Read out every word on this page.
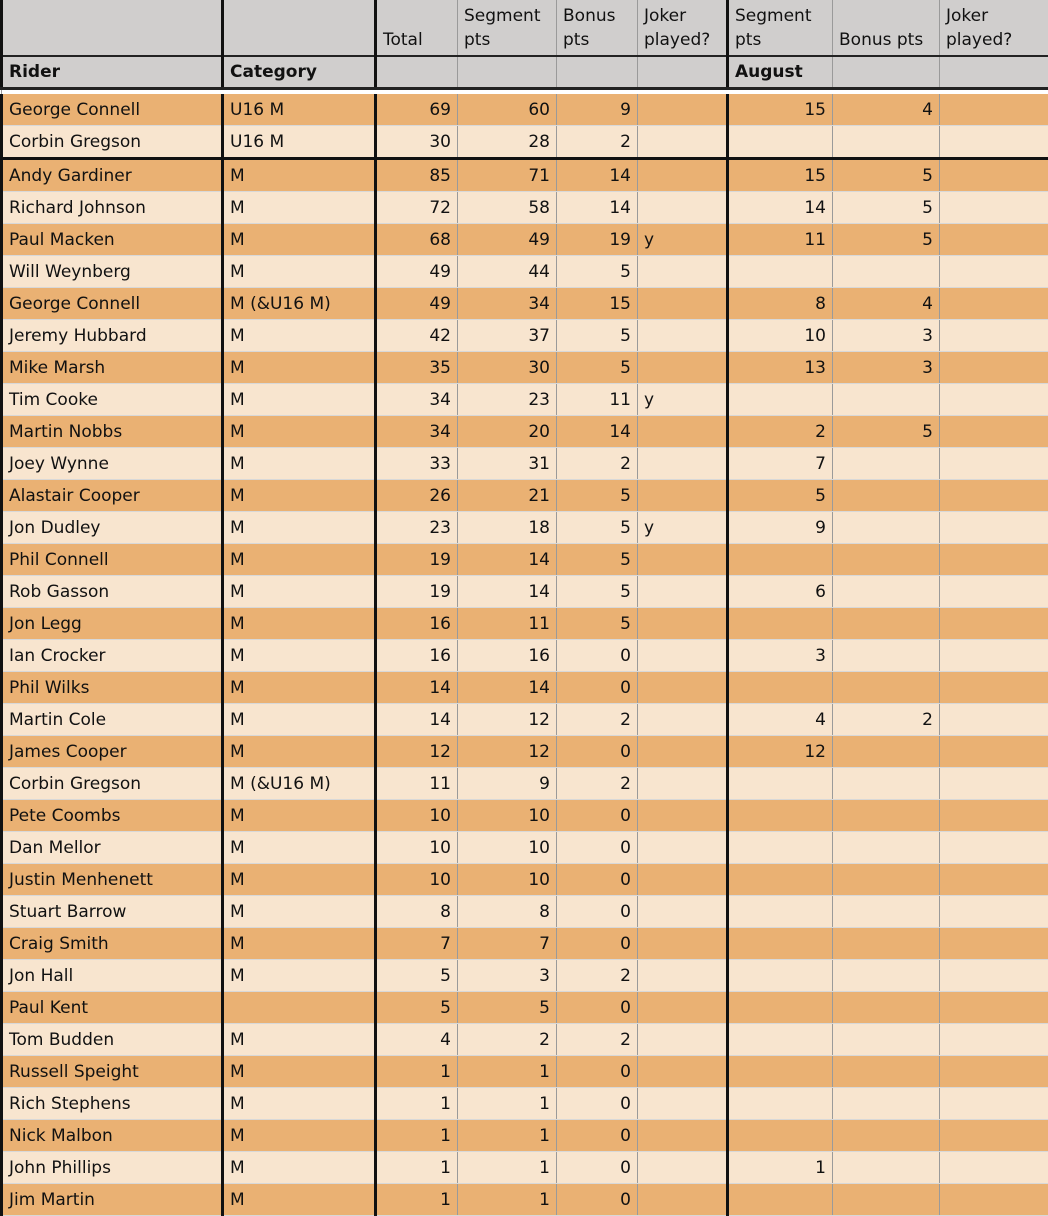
		Total	Segment pts	Bonus pts	Joker played?	Segment pts	Bonus pts	Joker played?
Rider	Category					August		

George Connell	U16 M	69	60	9		15	4	
Corbin Gregson	U16 M	30	28	2				
Andy Gardiner	M	85	71	14		15	5	
Richard Johnson	M	72	58	14		14	5	
Paul Macken	M	68	49	19	y	11	5	
Will Weynberg	M	49	44	5				
George Connell	M (&U16 M)	49	34	15		8	4	
Jeremy Hubbard	M	42	37	5		10	3	
Mike Marsh	M	35	30	5		13	3	
Tim Cooke	M	34	23	11	y			
Martin Nobbs	M	34	20	14		2	5	
Joey Wynne	M	33	31	2		7		
Alastair Cooper	M	26	21	5		5		
Jon Dudley	M	23	18	5	y	9		
Phil Connell	M	19	14	5				
Rob Gasson	M	19	14	5		6		
Jon Legg	M	16	11	5				
Ian Crocker	M	16	16	0		3		
Phil Wilks	M	14	14	0				
Martin Cole	M	14	12	2		4	2	
James Cooper	M	12	12	0		12		
Corbin Gregson	M (&U16 M)	11	9	2				
Pete Coombs	M	10	10	0				
Dan Mellor	M	10	10	0				
Justin Menhenett	M	10	10	0				
Stuart Barrow	M	8	8	0				
Craig Smith	M	7	7	0				
Jon Hall	M	5	3	2				
Paul Kent		5	5	0				
Tom Budden	M	4	2	2				
Russell Speight	M	1	1	0				
Rich Stephens	M	1	1	0				
Nick Malbon	M	1	1	0				
John Phillips	M	1	1	0		1		
Jim Martin	M	1	1	0				
